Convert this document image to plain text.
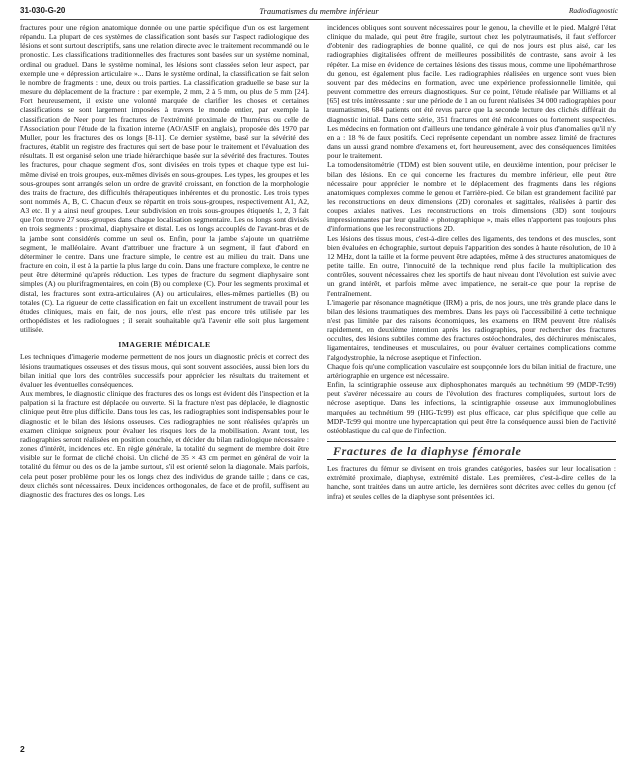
31-030-G-20	Traumatismes du membre inférieur	Radiodiagnostic

fractures pour une région anatomique donnée ou une partie spécifique d'un os est largement répandu. La plupart de ces systèmes de classification sont basés sur l'aspect radiologique des lésions et sont surtout descriptifs, sans une relation directe avec le traitement recommandé ou le pronostic. Les classifications traditionnelles des fractures sont basées sur un système nominal, ordinal ou graduel. Dans le système nominal, les lésions sont classées selon leur aspect, par exemple une « dépression articulaire »... Dans le système ordinal, la classification se fait selon le nombre de fragments : une, deux ou trois parties. La classification graduelle se base sur la mesure du déplacement de la fracture : par exemple, 2 mm, 2 à 5 mm, ou plus de 5 mm [24]. Fort heureusement, il existe une volonté marquée de clarifier les choses et certaines classifications se sont largement imposées à travers le monde entier, par exemple la classification de Neer pour les fractures de l'extrémité proximale de l'humérus ou celle de l'Association pour l'étude de la fixation interne (AO/ASIF en anglais), proposée dès 1970 par Muller, pour les fractures des os longs [8-11]. Ce dernier système, basé sur la sévérité des fractures, établit un registre des fractures qui sert de base pour le traitement et l'évaluation des résultats. Il est organisé selon une triade hiérarchique basée sur la sévérité des fractures. Toutes les fractures, pour chaque segment d'os, sont divisées en trois types et chaque type est lui-même divisé en trois groupes, eux-mêmes divisés en sous-groupes. Les types, les groupes et les sous-groupes sont arrangés selon un ordre de gravité croissant, en fonction de la morphologie des traits de fracture, des difficultés thérapeutiques inhérentes et du pronostic. Les trois types sont nommés A, B, C. Chacun d'eux se répartit en trois sous-groupes, respectivement A1, A2, A3 etc. Il y a ainsi neuf groupes. Leur subdivision en trois sous-groupes étiquetés 1, 2, 3 fait que l'on trouve 27 sous-groupes dans chaque localisation segmentaire. Les os longs sont divisés en trois segments : proximal, diaphysaire et distal. Les os longs accouplés de l'avant-bras et de la jambe sont considérés comme un seul os. Enfin, pour la jambe s'ajoute un quatrième segment, le malléolaire. Avant d'attribuer une fracture à un segment, il faut d'abord en déterminer le centre. Dans une fracture simple, le centre est au milieu du trait. Dans une fracture en coin, il est à la partie la plus large du coin. Dans une fracture complexe, le centre ne peut être déterminé qu'après réduction. Les types de fracture du segment diaphysaire sont simples (A) ou plurifragmentaires, en coin (B) ou complexe (C). Pour les segments proximal et distal, les fractures sont extra-articulaires (A) ou articulaires, elles-mêmes partielles (B) ou totales (C). La rigueur de cette classification en fait un excellent instrument de travail pour les études cliniques, mais en fait, de nos jours, elle n'est pas encore très utilisée par les orthopédistes et les radiologues ; il serait souhaitable qu'à l'avenir elle soit plus largement utilisée.

IMAGERIE MÉDICALE

Les techniques d'imagerie moderne permettent de nos jours un diagnostic précis et correct des lésions traumatiques osseuses et des tissus mous, qui sont souvent associées, aussi bien lors du bilan initial que lors des contrôles successifs pour apprécier les résultats du traitement et évaluer les éventuelles conséquences.

Aux membres, le diagnostic clinique des fractures des os longs est évident dès l'inspection et la palpation si la fracture est déplacée ou ouverte. Si la fracture n'est pas déplacée, le diagnostic clinique peut être plus difficile. Dans tous les cas, les radiographies sont indispensables pour le diagnostic et le bilan des lésions osseuses. Ces radiographies ne sont réalisées qu'après un examen clinique soigneux pour évaluer les risques lors de la mobilisation. Avant tout, les radiographies seront réalisées en position couchée, et décider du bilan radiologique nécessaire : zones d'intérêt, incidences etc. En règle générale, la totalité du segment de membre doit être visible sur le format de cliché choisi. Un cliché de 35 × 43 cm permet en général de voir la totalité du fémur ou des os de la jambe surtout, s'il est orienté selon la diagonale. Mais parfois, cela peut poser problème pour les os longs chez des individus de grande taille ; dans ce cas, deux clichés sont nécessaires. Deux incidences orthogonales, de face et de profil, suffisent au diagnostic des fractures des os longs. Les

incidences obliques sont souvent nécessaires pour le genou, la cheville et le pied. Malgré l'état clinique du malade, qui peut être fragile, surtout chez les polytraumatisés, il faut s'efforcer d'obtenir des radiographies de bonne qualité, ce qui de nos jours est plus aisé, car les radiographies digitalisées offrent de meilleures possibilités de contraste, sans avoir à les répéter. La mise en évidence de certaines lésions des tissus mous, comme une lipohémarthrose du genou, est également plus facile. Les radiographies réalisées en urgence sont vues bien souvent par des médecins en formation, avec une expérience professionnelle limitée, qui peuvent commettre des erreurs diagnostiques. Sur ce point, l'étude réalisée par Williams et al [65] est très intéressante : sur une période de 1 an ou furent réalisées 34 000 radiographies pour traumatismes, 684 patients ont été revus parce que la seconde lecture des clichés différait du diagnostic initial. Dans cette série, 351 fractures ont été méconnues ou fortement suspectées. Les médecins en formation ont d'ailleurs une tendance générale à voir plus d'anomalies qu'il n'y en a : 18 % de faux positifs. Ceci représente cependant un nombre assez limité de fractures dans un aussi grand nombre d'examens et, fort heureusement, avec des conséquences limitées pour le traitement.

La tomodensitométrie (TDM) est bien souvent utile, en deuxième intention, pour préciser le bilan des lésions. En ce qui concerne les fractures du membre inférieur, elle peut être nécessaire pour apprécier le nombre et le déplacement des fragments dans les régions anatomiques complexes comme le genou et l'arrière-pied. Ce bilan est grandement facilité par les reconstructions en deux dimensions (2D) coronales et sagittales, réalisées à partir des coupes axiales natives. Les reconstructions en trois dimensions (3D) sont toujours impressionnantes par leur qualité « photographique », mais elles n'apportent pas toujours plus d'informations que les reconstructions 2D.

Les lésions des tissus mous, c'est-à-dire celles des ligaments, des tendons et des muscles, sont bien évaluées en échographie, surtout depuis l'apparition des sondes à haute résolution, de 10 à 12 MHz, dont la taille et la forme peuvent être adaptées, même à des structures anatomiques de petite taille. En outre, l'innocuité de la technique rend plus facile la multiplication des contrôles, souvent nécessaires chez les sportifs de haut niveau dont l'évolution est suivie avec un grand intérêt, et parfois même avec impatience, ne serait-ce que pour la reprise de l'entraînement.

L'imagerie par résonance magnétique (IRM) a pris, de nos jours, une très grande place dans le bilan des lésions traumatiques des membres. Dans les pays où l'accessibilité à cette technique n'est pas limitée par des raisons économiques, les examens en IRM peuvent être réalisés rapidement, en deuxième intention après les radiographies, pour rechercher des fractures occultes, des lésions subtiles comme des fractures ostéochondrales, des déchirures méniscales, ligamentaires, tendineuses et musculaires, ou pour évaluer certaines complications comme l'algodystrophie, la nécrose aseptique et l'infection.

Chaque fois qu'une complication vasculaire est soupçonnée lors du bilan initial de fracture, une artériographie en urgence est nécessaire.

Enfin, la scintigraphie osseuse aux diphosphonates marqués au technétium 99 (MDP-Tc99) peut s'avérer nécessaire au cours de l'évolution des fractures compliquées, surtout lors de nécrose aseptique. Dans les infections, la scintigraphie osseuse aux immunoglobulines marquées au technétium 99 (HIG-Tc99) est plus efficace, car plus spécifique que celle au MDP-Tc99 qui montre une hypercaptation qui peut être la conséquence aussi bien de l'activité ostéoblastique du cal que de l'infection.

Fractures de la diaphyse fémorale

Les fractures du fémur se divisent en trois grandes catégories, basées sur leur localisation : extrémité proximale, diaphyse, extrémité distale. Les premières, c'est-à-dire celles de la hanche, sont traitées dans un autre article, les dernières sont décrites avec celles du genou (cf infra) et seules celles de la diaphyse sont présentées ici.

2
